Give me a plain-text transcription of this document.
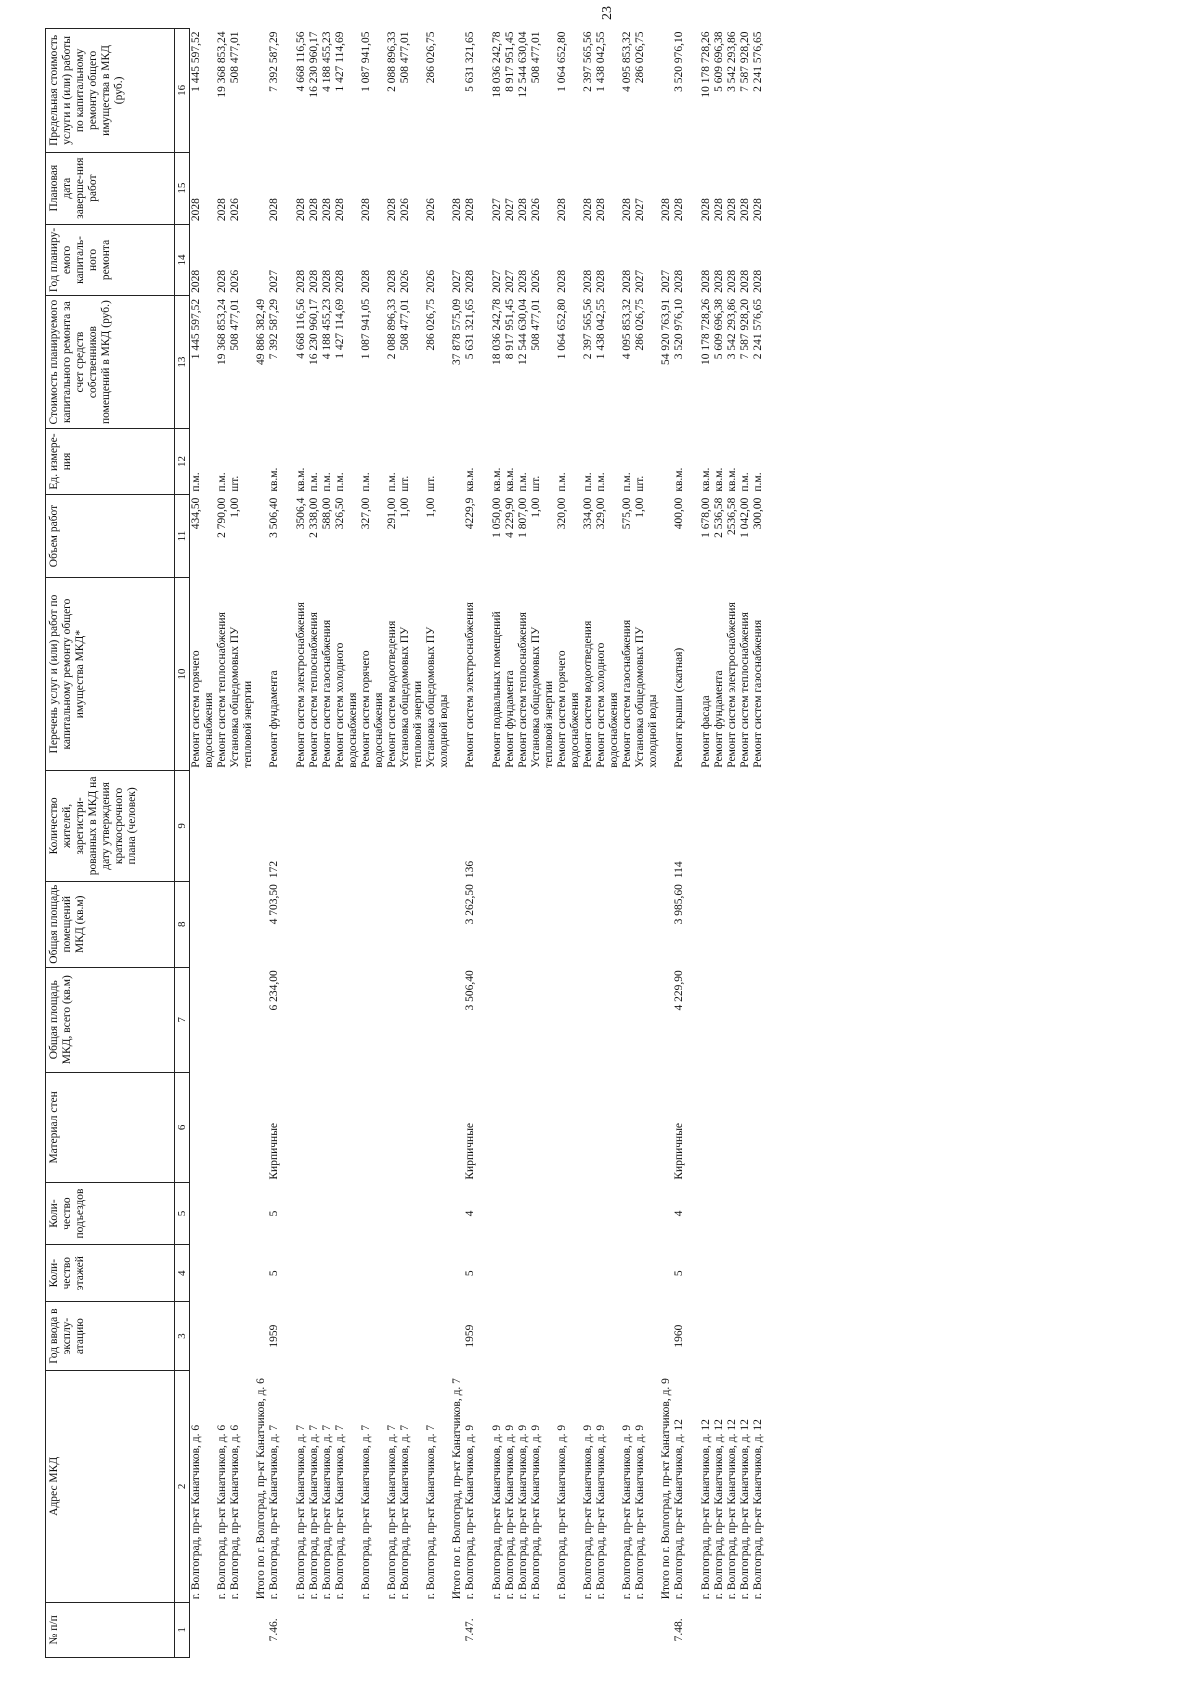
23
№ п/п	Адрес МКД	Год ввода в эксплу-атацию	Коли-чество этажей	Коли-чество подъездов	Материал стен	Общая площадь МКД, всего (кв.м)	Общая площадь помещений МКД (кв.м)	Количество жителей, зарегистри-рованных в МКД на дату утверждения краткосрочного плана (человек)	Перечень услуг и (или) работ по капитальному ремонту общего имущества МКД*	Объем работ	Ед. измере-ния	Стоимость планируемого капитального ремонта за счет средств собственников помещений в МКД (руб.)	Год планиру-емого капиталь-ного ремонта	Плановая дата заверше-ния работ	Предельная стоимость услуги и (или) работы по капитальному ремонту общего имущества в МКД (руб.)
1	2	3	4	5	6	7	8	9	10	11	12	13	14	15	16
	г. Волгоград, пр-кт Канатчиков, д. 6								Ремонт систем горячего водоснабжения	434,50	п.м.	1 445 597,52	2028	2028	1 445 597,52
	г. Волгоград, пр-кт Канатчиков, д. 6								Ремонт систем теплоснабжения	2 790,00	п.м.	19 368 853,24	2028	2028	19 368 853,24
	г. Волгоград, пр-кт Канатчиков, д. 6								Установка общедомовых ПУ тепловой энергии	1,00	шт.	508 477,01	2026	2026	508 477,01
	Итого по г. Волгоград, пр-кт Канатчиков, д. 6											49 886 382,49			
7.46.	г. Волгоград, пр-кт Канатчиков, д. 7	1959	5	5	Кирпичные	6 234,00	4 703,50	172	Ремонт фундамента	3 506,40	кв.м.	7 392 587,29	2027	2028	7 392 587,29
	г. Волгоград, пр-кт Канатчиков, д. 7								Ремонт систем электроснабжения	3506,4	кв.м.	4 668 116,56	2028	2028	4 668 116,56
	г. Волгоград, пр-кт Канатчиков, д. 7								Ремонт систем теплоснабжения	2 338,00	п.м.	16 230 960,17	2028	2028	16 230 960,17
	г. Волгоград, пр-кт Канатчиков, д. 7								Ремонт систем газоснабжения	588,00	п.м.	4 188 455,23	2028	2028	4 188 455,23
	г. Волгоград, пр-кт Канатчиков, д. 7								Ремонт систем холодного водоснабжения	326,50	п.м.	1 427 114,69	2028	2028	1 427 114,69
	г. Волгоград, пр-кт Канатчиков, д. 7								Ремонт систем горячего водоснабжения	327,00	п.м.	1 087 941,05	2028	2028	1 087 941,05
	г. Волгоград, пр-кт Канатчиков, д. 7								Ремонт систем водоотведения	291,00	п.м.	2 088 896,33	2028	2028	2 088 896,33
	г. Волгоград, пр-кт Канатчиков, д. 7								Установка общедомовых ПУ тепловой энергии	1,00	шт.	508 477,01	2026	2026	508 477,01
	г. Волгоград, пр-кт Канатчиков, д. 7								Установка общедомовых ПУ холодной воды	1,00	шт.	286 026,75	2026	2026	286 026,75
	Итого по г. Волгоград, пр-кт Канатчиков, д. 7											37 878 575,09	2027	2028	
7.47.	г. Волгоград, пр-кт Канатчиков, д. 9	1959	5	4	Кирпичные	3 506,40	3 262,50	136	Ремонт систем электроснабжения	4229,9	кв.м.	5 631 321,65	2028	2028	5 631 321,65
	г. Волгоград, пр-кт Канатчиков, д. 9								Ремонт подвальных помещений	1 050,00	кв.м.	18 036 242,78	2027	2027	18 036 242,78
	г. Волгоград, пр-кт Канатчиков, д. 9								Ремонт фундамента	4 229,90	кв.м.	8 917 951,45	2027	2027	8 917 951,45
	г. Волгоград, пр-кт Канатчиков, д. 9								Ремонт систем теплоснабжения	1 807,00	п.м.	12 544 630,04	2028	2028	12 544 630,04
	г. Волгоград, пр-кт Канатчиков, д. 9								Установка общедомовых ПУ тепловой энергии	1,00	шт.	508 477,01	2026	2026	508 477,01
	г. Волгоград, пр-кт Канатчиков, д. 9								Ремонт систем горячего водоснабжения	320,00	п.м.	1 064 652,80	2028	2028	1 064 652,80
	г. Волгоград, пр-кт Канатчиков, д. 9								Ремонт систем водоотведения	334,00	п.м.	2 397 565,56	2028	2028	2 397 565,56
	г. Волгоград, пр-кт Канатчиков, д. 9								Ремонт систем холодного водоснабжения	329,00	п.м.	1 438 042,55	2028	2028	1 438 042,55
	г. Волгоград, пр-кт Канатчиков, д. 9								Ремонт систем газоснабжения	575,00	п.м.	4 095 853,32	2028	2028	4 095 853,32
	г. Волгоград, пр-кт Канатчиков, д. 9								Установка общедомовых ПУ холодной воды	1,00	шт.	286 026,75	2027	2027	286 026,75
	Итого по г. Волгоград, пр-кт Канатчиков, д. 9											54 920 763,91	2027	2028	
7.48.	г. Волгоград, пр-кт Канатчиков, д. 12	1960	5	4	Кирпичные	4 229,90	3 985,60	114	Ремонт крыши (скатная)	400,00	кв.м.	3 520 976,10	2028	2028	3 520 976,10
	г. Волгоград, пр-кт Канатчиков, д. 12								Ремонт фасада	1 678,00	кв.м.	10 178 728,26	2028	2028	10 178 728,26
	г. Волгоград, пр-кт Канатчиков, д. 12								Ремонт фундамента	2 536,58	кв.м.	5 609 696,38	2028	2028	5 609 696,38
	г. Волгоград, пр-кт Канатчиков, д. 12								Ремонт систем электроснабжения	2536,58	кв.м.	3 542 293,86	2028	2028	3 542 293,86
	г. Волгоград, пр-кт Канатчиков, д. 12								Ремонт систем теплоснабжения	1 042,00	п.м.	7 587 928,20	2028	2028	7 587 928,20
	г. Волгоград, пр-кт Канатчиков, д. 12								Ремонт систем газоснабжения	300,00	п.м.	2 241 576,65	2028	2028	2 241 576,65
